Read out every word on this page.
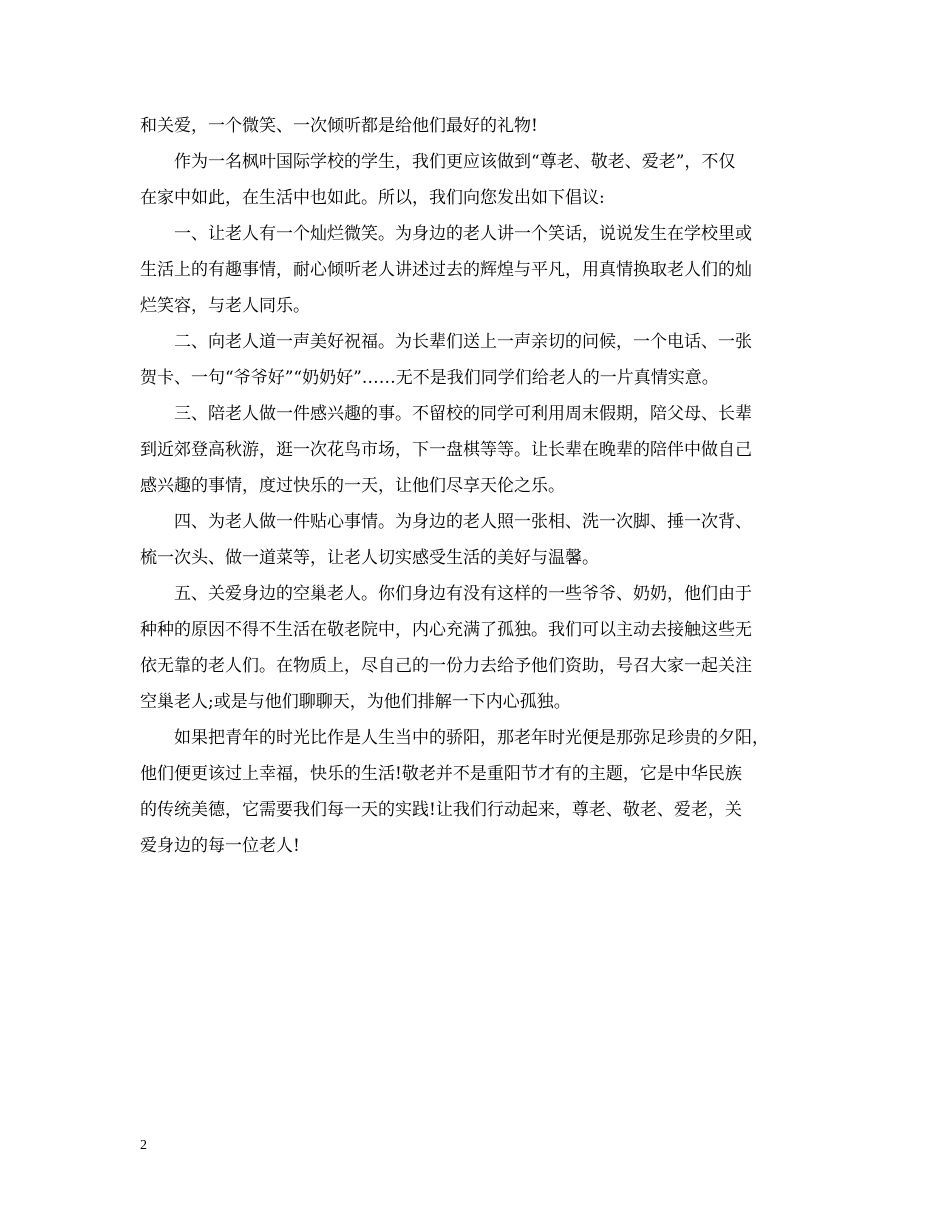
和关爱，一个微笑、一次倾听都是给他们最好的礼物!
作为一名枫叶国际学校的学生，我们更应该做到“尊老、敬老、爱老”，不仅
在家中如此，在生活中也如此。所以，我们向您发出如下倡议:
一、让老人有一个灿烂微笑。为身边的老人讲一个笑话，说说发生在学校里或
生活上的有趣事情，耐心倾听老人讲述过去的辉煌与平凡，用真情换取老人们的灿
烂笑容，与老人同乐。
二、向老人道一声美好祝福。为长辈们送上一声亲切的问候，一个电话、一张
贺卡、一句“爷爷好”“奶奶好”……无不是我们同学们给老人的一片真情实意。
三、陪老人做一件感兴趣的事。不留校的同学可利用周末假期，陪父母、长辈
到近郊登高秋游，逛一次花鸟市场，下一盘棋等等。让长辈在晚辈的陪伴中做自己
感兴趣的事情，度过快乐的一天，让他们尽享天伦之乐。
四、为老人做一件贴心事情。为身边的老人照一张相、洗一次脚、捶一次背、
梳一次头、做一道菜等，让老人切实感受生活的美好与温馨。
五、关爱身边的空巢老人。你们身边有没有这样的一些爷爷、奶奶，他们由于
种种的原因不得不生活在敬老院中，内心充满了孤独。我们可以主动去接触这些无
依无靠的老人们。在物质上，尽自己的一份力去给予他们资助，号召大家一起关注
空巢老人;或是与他们聊聊天，为他们排解一下内心孤独。
如果把青年的时光比作是人生当中的骄阳，那老年时光便是那弥足珍贵的夕阳，
他们便更该过上幸福，快乐的生活!敬老并不是重阳节才有的主题，它是中华民族
的传统美德，它需要我们每一天的实践!让我们行动起来，尊老、敬老、爱老，关
爱身边的每一位老人!
2
